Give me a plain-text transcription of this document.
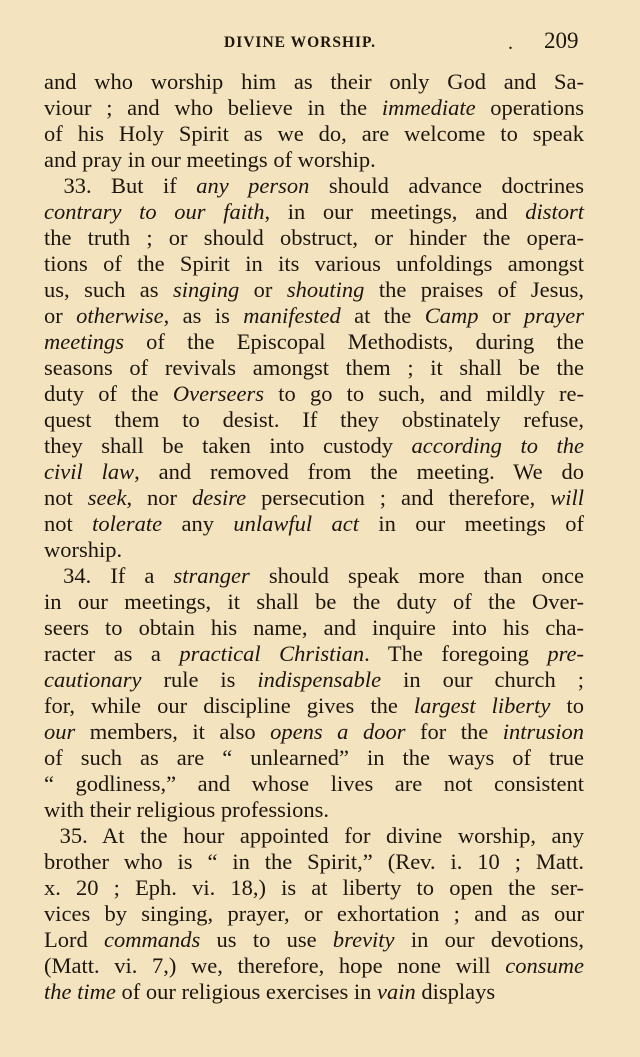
DIVINE WORSHIP.	. 209
and who worship him as their only God and Sa-
viour ; and who believe in the immediate operations
of his Holy Spirit as we do, are welcome to speak
and pray in our meetings of worship.
33. But if any person should advance doctrines
contrary to our faith, in our meetings, and distort
the truth ; or should obstruct, or hinder the opera-
tions of the Spirit in its various unfoldings amongst
us, such as singing or shouting the praises of Jesus,
or otherwise, as is manifested at the Camp or prayer
meetings of the Episcopal Methodists, during the
seasons of revivals amongst them ; it shall be the
duty of the Overseers to go to such, and mildly re-
quest them to desist. If they obstinately refuse,
they shall be taken into custody according to the
civil law, and removed from the meeting. We do
not seek, nor desire persecution ; and therefore, will
not tolerate any unlawful act in our meetings of
worship.
34. If a stranger should speak more than once
in our meetings, it shall be the duty of the Over-
seers to obtain his name, and inquire into his cha-
racter as a practical Christian. The foregoing pre-
cautionary rule is indispensable in our church ;
for, while our discipline gives the largest liberty to
our members, it also opens a door for the intrusion
of such as are “ unlearned” in the ways of true
“ godliness,” and whose lives are not consistent
with their religious professions.
35. At the hour appointed for divine worship, any
brother who is “ in the Spirit,” (Rev. i. 10 ; Matt.
x. 20 ; Eph. vi. 18,) is at liberty to open the ser-
vices by singing, prayer, or exhortation ; and as our
Lord commands us to use brevity in our devotions,
(Matt. vi. 7,) we, therefore, hope none will consume
the time of our religious exercises in vain displays
